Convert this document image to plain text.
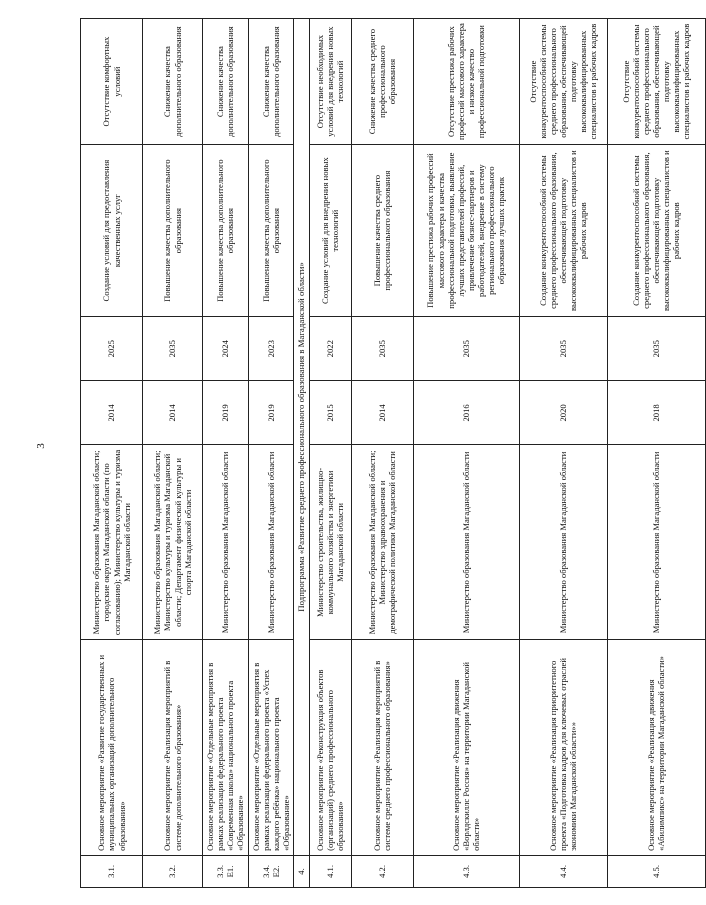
3
3.1.	Основное мероприятие «Развитие государственных и муниципальных организаций дополнительного образования»	Министерство образования Магаданской области; городские округа Магаданской области (по согласованию); Министерство культуры и туризма Магаданской области	2014	2025	Создание условий для предоставления качественных услуг	Отсутствие комфортных условий
3.2.	Основное мероприятие «Реализация мероприятий в системе дополнительного образования»	Министерство образования Магаданской области; Министерство культуры и туризма Магаданской области; Департамент физической культуры и спорта Магаданской области	2014	2035	Повышение качества дополнительного образования	Снижение качества дополнительного образования
3.3. Е1.	Основное мероприятие «Отдельные мероприятия в рамках реализации федерального проекта «Современная школа» национального проекта «Образование»	Министерство образования Магаданской области	2019	2024	Повышение качества дополнительного образования	Снижение качества дополнительного образования
3.4. Е2.	Основное мероприятие «Отдельные мероприятия в рамках реализации федерального проекта «Успех каждого ребёнка» национального проекта «Образование»	Министерство образования Магаданской области	2019	2023	Повышение качества дополнительного образования	Снижение качества дополнительного образования
4.	Подпрограмма «Развитие среднего профессионального образования в Магаданской области»					
4.1.	Основное мероприятие «Реконструкция объектов (организаций) среднего профессионального образования»	Министерство строительства, жилищно-коммунального хозяйства и энергетики Магаданской области	2015	2022	Создание условий для внедрения новых технологий	Отсутствие необходимых условий для внедрения новых технологий
4.2.	Основное мероприятие «Реализация мероприятий в системе среднего профессионального образования»	Министерство образования Магаданской области; Министерство здравоохранения и демографической политики Магаданской области	2014	2035	Повышение качества среднего профессионального образования	Снижение качества среднего профессионального образования
4.3.	Основное мероприятие «Реализация движения «Ворлдскиллс Россия» на территории Магаданской области»	Министерство образования Магаданской области	2016	2035	Повышение престижа рабочих профессий массового характера и качества профессиональной подготовки, выявление лучших представителей профессий, привлечение бизнес-партнеров и работодателей, внедрение в систему регионального профессионального образования лучших практик	Отсутствие престижа рабочих профессий массового характера и низкое качество профессиональной подготовки
4.4.	Основное мероприятие «Реализация приоритетного проекта «Подготовка кадров для ключевых отраслей экономики Магаданской области»»	Министерство образования Магаданской области	2020	2035	Создание конкурентоспособной системы среднего профессионального образования, обеспечивающей подготовку высококвалифицированных специалистов и рабочих кадров	Отсутствие конкурентоспособной системы среднего профессионального образования, обеспечивающей подготовку высококвалифицированных специалистов и рабочих кадров
4.5.	Основное мероприятие «Реализация движения «Абилимпикс» на территории Магаданской области»	Министерство образования Магаданской области	2018	2035	Создание конкурентоспособной системы среднего профессионального образования, обеспечивающей подготовку высококвалифицированных специалистов и рабочих кадров	Отсутствие конкурентоспособной системы среднего профессионального образования, обеспечивающей подготовку высококвалифицированных специалистов и рабочих кадров
